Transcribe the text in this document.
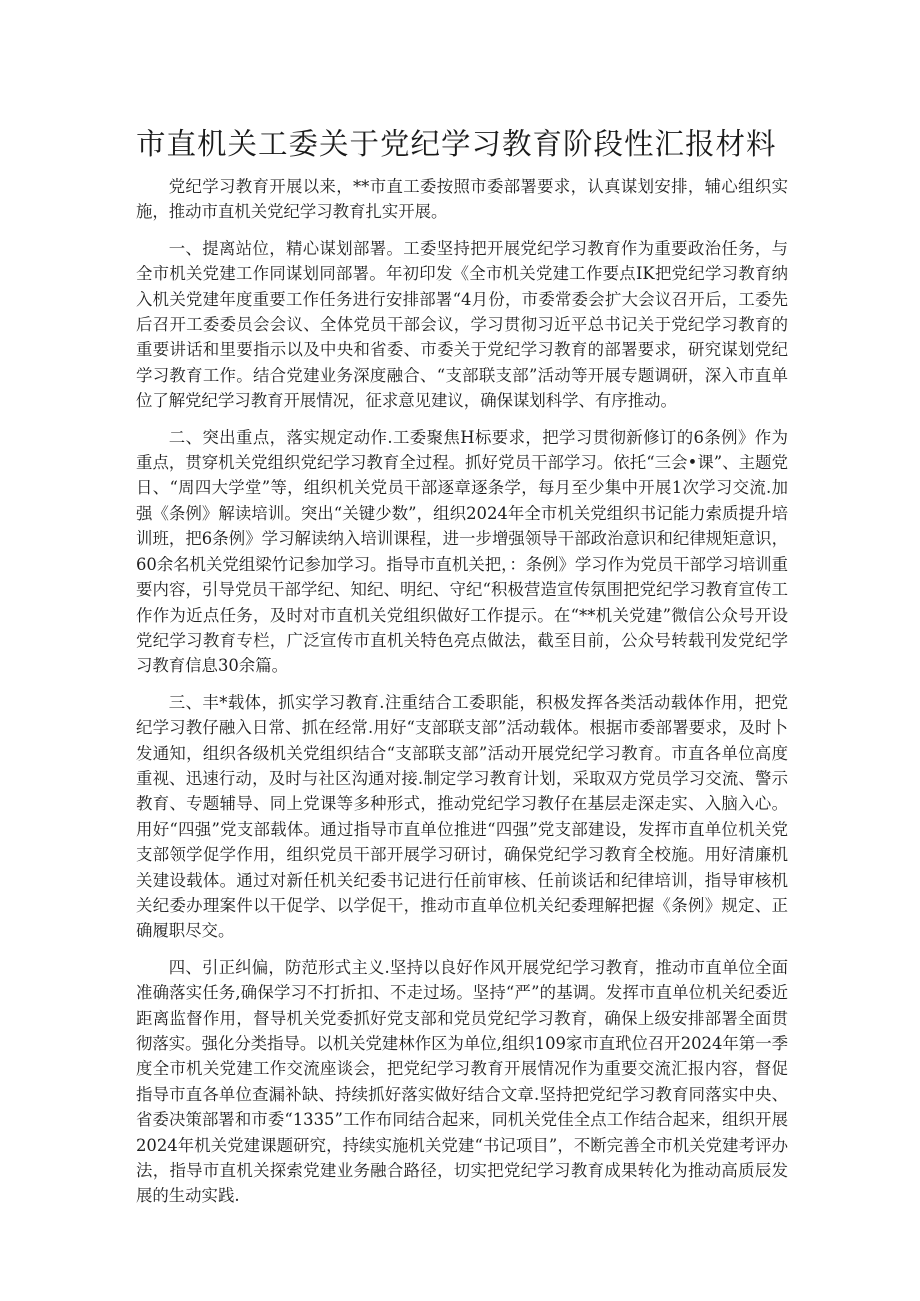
市直机关工委关于党纪学习教育阶段性汇报材料

党纪学习教育开展以来，**市直工委按照市委部署要求，认真谋划安排，辅心组织实施，推动市直机关党纪学习教育扎实开展。

一、提离站位，精心谋划部署。工委坚持把开展党纪学习教育作为重要政治任务，与全市机关党建工作同谋划同部署。年初印发《全市机关党建工作要点IK把党纪学习教育纳入机关党建年度重要工作任务进行安排部署“4月份，市委常委会扩大会议召开后，工委先后召开工委委员会会议、全体党员干部会议，学习贯彻习近平总书记关于党纪学习教育的重要讲话和里要指示以及中央和省委、市委关于党纪学习教育的部署要求，研究谋划党纪学习教育工作。结合党建业务深度融合、“支部联支部”活动等开展专题调研，深入市直单位了解党纪学习教育开展情况，征求意见建议，确保谋划科学、有序推动。

二、突出重点，落实规定动作.工委聚焦H标要求，把学习贯彻新修订的6条例》作为重点，贯穿机关党组织党纪学习教育全过程。抓好党员干部学习。依托“三会•课”、主题党日、“周四大学堂”等，组织机关党员干部逐章逐条学，每月至少集中开展1次学习交流.加强《条例》解读培训。突出“关键少数”，组织2024年全市机关党组织书记能力索质提升培训班，把6条例》学习解读纳入培训课程，进一步增强领导干部政治意识和纪律规矩意识，60余名机关党组梁竹记参加学习。指导市直机关把，：条例》学习作为党员干部学习培训重要内容，引导党员干部学纪、知纪、明纪、守纪“积极营造宣传氛围把党纪学习教育宣传工作作为近点任务，及时对市直机关党组织做好工作提示。在“**机关党建”微信公众号开设党纪学习教育专栏，广泛宣传市直机关特色亮点做法，截至目前，公众号转载刊发党纪学习教育信息30余篇。

三、丰*载体，抓实学习教育.注重结合工委职能，积极发挥各类活动载体作用，把党纪学习教仔融入日常、抓在经常.用好“支部联支部”活动载体。根据市委部署要求，及时卜发通知，组织各级机关党组织结合“支部联支部”活动开展党纪学习教育。市直各单位高度重视、迅速行动，及时与社区沟通对接.制定学习教育计划，采取双方党员学习交流、警示教育、专题辅导、同上党课等多种形式，推动党纪学习教仔在基层走深走实、入脑入心。用好“四强”党支部载体。通过指导市直单位推进“四强”党支部建设，发挥市直单位机关党支部领学促学作用，组织党员干部开展学习研讨，确保党纪学习教育全校施。用好清廉机关建设载体。通过对新任机关纪委书记进行任前审核、任前谈话和纪律培训，指导审核机关纪委办理案件以干促学、以学促干，推动市直单位机关纪委理解把握《条例》规定、正确履职尽交。

四、引正纠偏，防范形式主义.坚持以良好作风开展党纪学习教育，推动市直单位全面准确落实任务,确保学习不打折扣、不走过场。坚持“严”的基调。发挥市直单位机关纪委近距离监督作用，督导机关党委抓好党支部和党员党纪学习教育，确保上级安排部署全面贯彻落实。强化分类指导。以机关党建林作区为单位,组织109家市直玳位召开2024年第一季度全市机关党建工作交流座谈会，把党纪学习教育开展情况作为重要交流汇报内容，督促指导市直各单位查漏补缺、持续抓好落实做好结合文章.坚持把党纪学习教育同落实中央、省委决策部署和市委“1335”工作布同结合起来，同机关党佳全点工作结合起来，组织开展2024年机关党建课题研究，持续实施机关党建“书记项目”，不断完善全市机关党建考评办法，指导市直机关探索党建业务融合路径，切实把党纪学习教育成果转化为推动高质辰发展的生动实践.
